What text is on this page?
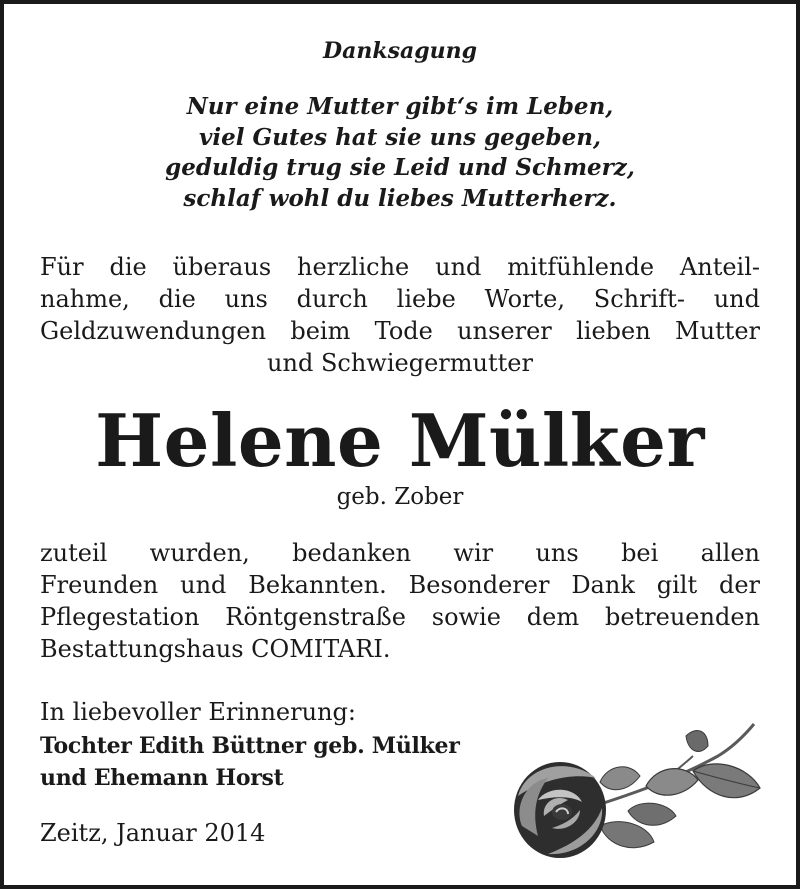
Danksagung
Nur eine Mutter gibt‘s im Leben,
viel Gutes hat sie uns gegeben,
geduldig trug sie Leid und Schmerz,
schlaf wohl du liebes Mutterherz.
Für die überaus herzliche und mitfühlende Anteil-
nahme, die uns durch liebe Worte, Schrift- und
Geldzuwendungen beim Tode unserer lieben Mutter
und Schwiegermutter
Helene Mülker
geb. Zober
zuteil wurden, bedanken wir uns bei allen
Freunden und Bekannten. Besonderer Dank gilt der
Pflegestation Röntgenstraße sowie dem betreuenden
Bestattungshaus COMITARI.
In liebevoller Erinnerung:
Tochter Edith Büttner geb. Mülker
und Ehemann Horst
Zeitz, Januar 2014
